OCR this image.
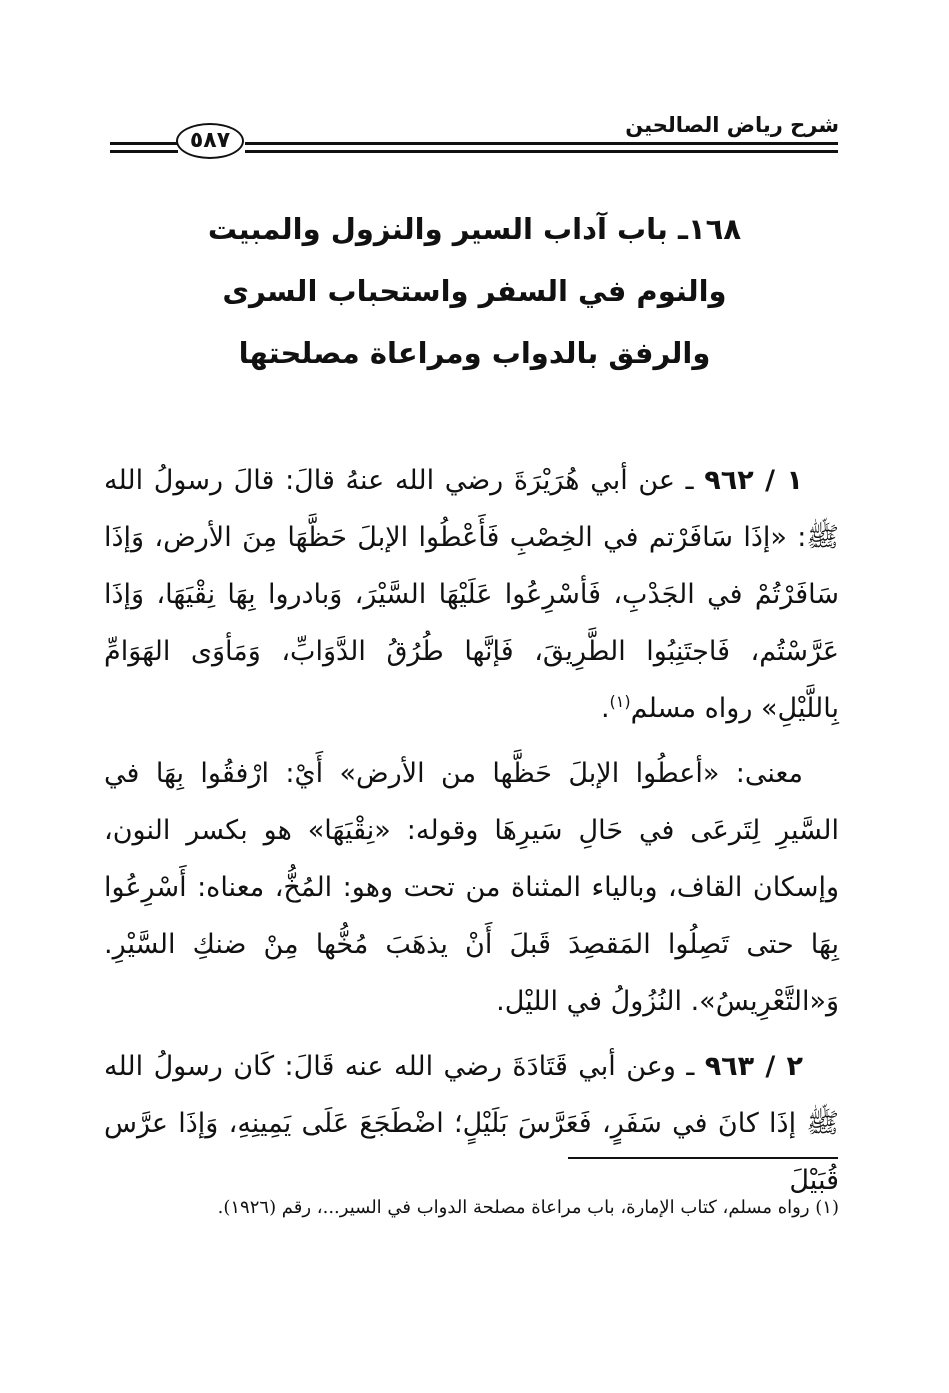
شرح رياض الصالحين
٥٨٧
١٦٨ـ باب آداب السير والنزول والمبيت
والنوم في السفر واستحباب السرى
والرفق بالدواب ومراعاة مصلحتها

١ / ٩٦٢ ـ عن أبي هُرَيْرَةَ رضي الله عنهُ قالَ: قالَ رسولُ الله ﷺ: «إذَا سَافَرْتم في الخِصْبِ فَأَعْطُوا الإبلَ حَظَّهَا مِنَ الأرض، وَإذَا سَافَرْتُمْ في الجَدْبِ، فَأسْرِعُوا عَلَيْهَا السَّيْرَ، وَبادروا بِهَا نِقْيَهَا، وَإذَا عَرَّسْتُم، فَاجتَنِبُوا الطَّرِيقَ، فَإنَّها طُرُقُ الدَّوَابِّ، وَمَأوَى الهَوَامِّ بِاللَّيْلِ» رواه مسلم$^{(١)}$.

معنى: «أعطُوا الإبلَ حَظَّها من الأرض» أَيْ: ارْفقُوا بِهَا في السَّيرِ لِتَرعَى في حَالِ سَيرِهَا وقوله: «نِقْيَهَا» هو بكسر النون، وإسكان القاف، وبالياء المثناة من تحت وهو: المُخُّ، معناه: أَسْرِعُوا بِهَا حتى تَصِلُوا المَقصِدَ قَبلَ أَنْ يذهَبَ مُخُّها مِنْ ضنكِ السَّيْرِ. وَ«التَّعْرِيسُ». النُزُولُ في الليْل.

٢ / ٩٦٣ ـ وعن أبي قَتَادَةَ رضي الله عنه قَالَ: كَان رسولُ الله ﷺ إذَا كانَ في سَفَرٍ، فَعَرَّسَ بَلَيْلٍ؛ اضْطَجَعَ عَلَى يَمِينِهِ، وَإذَا عرَّس قُبَيْلَ

(١) رواه مسلم، كتاب الإمارة، باب مراعاة مصلحة الدواب في السير...، رقم (١٩٢٦).
